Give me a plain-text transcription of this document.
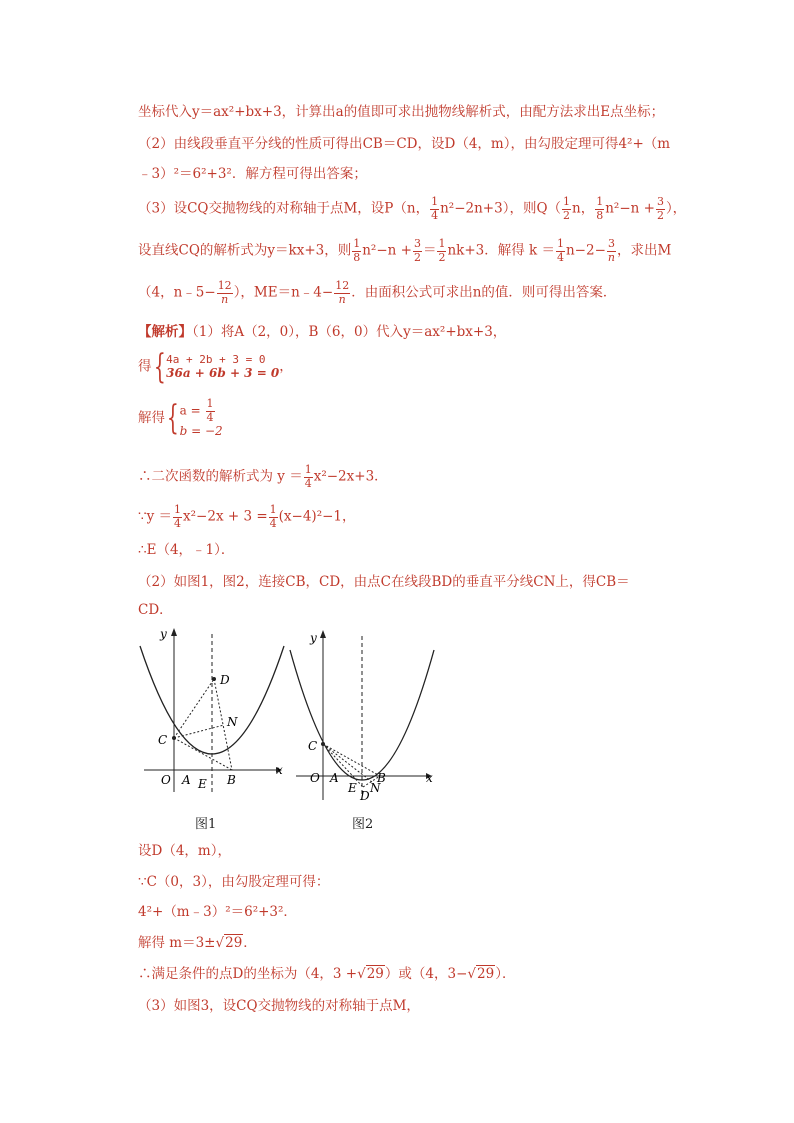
坐标代入y＝ax²+bx+3，计算出a的值即可求出抛物线解析式，由配方法求出E点坐标；
（2）由线段垂直平分线的性质可得出CB＝CD，设D（4，m），由勾股定理可得4²+（m
﹣3）²＝6²+3²．解方程可得出答案；
（3）设CQ交抛物线的对称轴于点M，设P（n， $\frac{1}{4} n^2-2n+3$），则$Q( \frac{1}{2}$ n， $\frac{1}{8} n^2-n + \frac{3}{2}$ ），
设直线CQ的解析式为y＝kx+3，则 $\frac{1}{8} n^2-n + \frac{3}{2} = \frac{1}{2} nk+3$．解得 $k = \frac{1}{4} n-2- \frac{3}{n}$ ，求出M
（4，n﹣5− $\frac{12}{n}$ ），ME＝n﹣4− $\frac{12}{n}$ ．由面积公式可求出n的值．则可得出答案．
【解析】（1）将A（2，0），B（6，0）代入y＝ax²+bx+3，
得{ 4a + 2b + 3 = 0
36a + 6b + 3 = 0 ，
解得{ $a = \frac{1}{4}$
b = −2
∴二次函数的解析式为 $y = \frac{1}{4} x^2-2x+3$．
∵y ＝ $\frac{1}{4} x^2-2x + 3 = \frac{1}{4} (x-4)^2-1$，
∴E（4，﹣1）．
（2）如图1，图2，连接CB，CD，由点C在线段BD的垂直平分线CN上，得CB＝
CD．
y
x
O A	B
C
D
E
N
图1
y
x
O A	B
C
E
D
N
图2
设D（4，m），
∵C（0，3），由勾股定理可得：
4²+（m﹣3）²＝6²+3²．
解得 m＝3±√29．
∴满足条件的点D的坐标为（4，3 +√29）或（4，3−√29）．
（3）如图3，设CQ交抛物线的对称轴于点M，
